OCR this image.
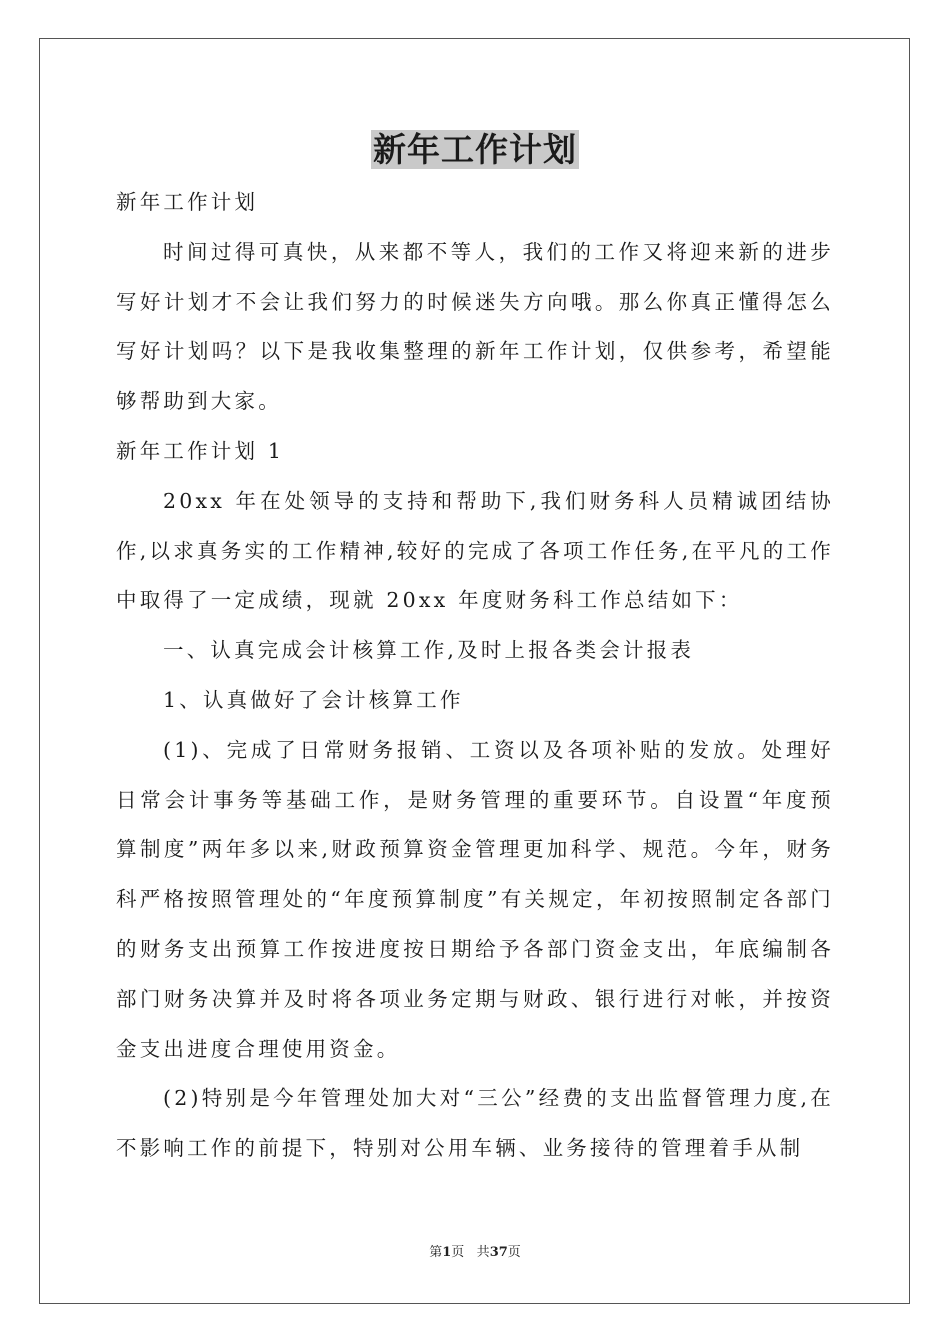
新年工作计划

新年工作计划

时间过得可真快，从来都不等人，我们的工作又将迎来新的进步写好计划才不会让我们努力的时候迷失方向哦。那么你真正懂得怎么写好计划吗？以下是我收集整理的新年工作计划，仅供参考，希望能够帮助到大家。

新年工作计划 1

20xx 年在处领导的支持和帮助下,我们财务科人员精诚团结协作,以求真务实的工作精神,较好的完成了各项工作任务,在平凡的工作中取得了一定成绩，现就 20xx 年度财务科工作总结如下：

一、认真完成会计核算工作,及时上报各类会计报表

1、认真做好了会计核算工作

(1)、完成了日常财务报销、工资以及各项补贴的发放。处理好日常会计事务等基础工作，是财务管理的重要环节。自设置“年度预算制度”两年多以来,财政预算资金管理更加科学、规范。今年，财务科严格按照管理处的“年度预算制度”有关规定，年初按照制定各部门的财务支出预算工作按进度按日期给予各部门资金支出，年底编制各部门财务决算并及时将各项业务定期与财政、银行进行对帐，并按资金支出进度合理使用资金。

(2)特别是今年管理处加大对“三公”经费的支出监督管理力度,在不影响工作的前提下，特别对公用车辆、业务接待的管理着手从制

第1页 共37页
